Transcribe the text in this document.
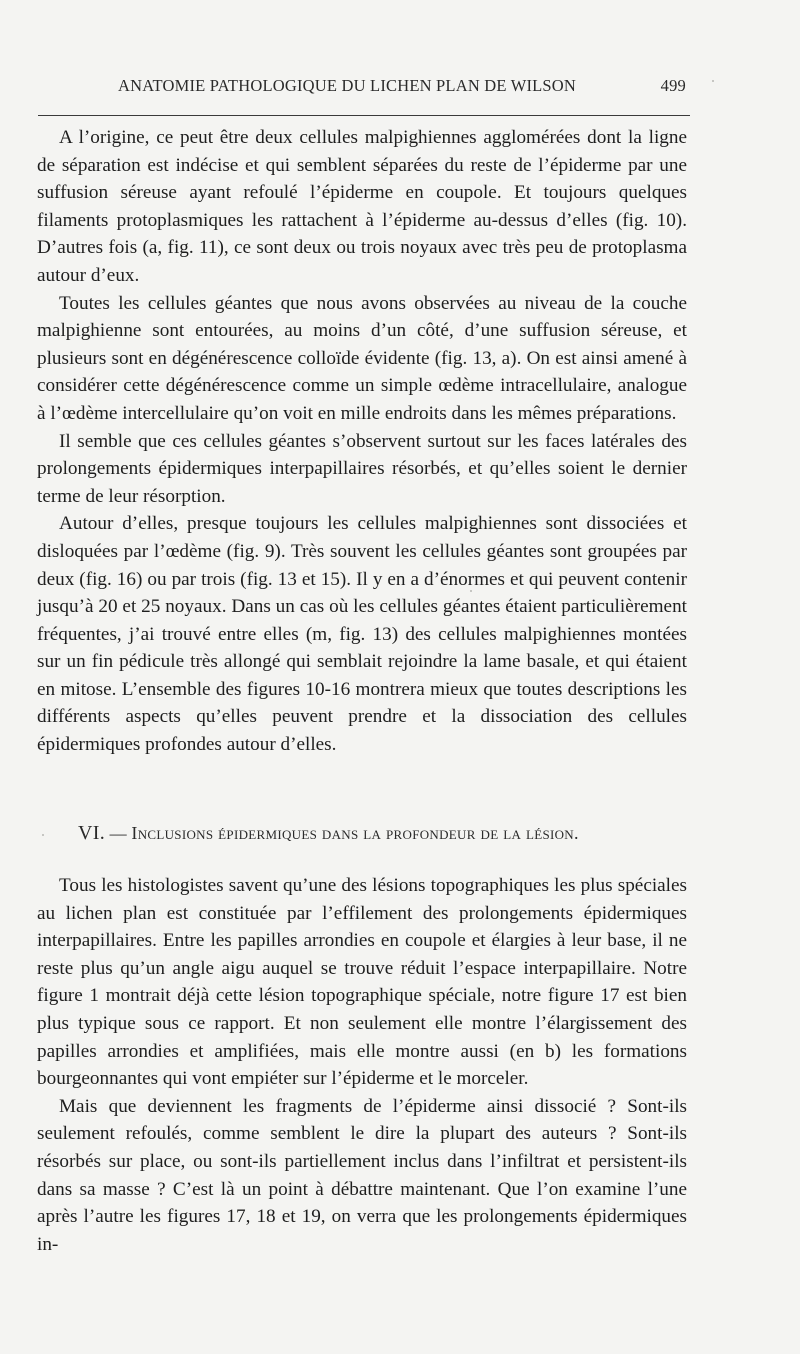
ANATOMIE PATHOLOGIQUE DU LICHEN PLAN DE WILSON	499

A l’origine, ce peut être deux cellules malpighiennes agglomérées dont la ligne de séparation est indécise et qui semblent séparées du reste de l’épiderme par une suffusion séreuse ayant refoulé l’épiderme en coupole. Et toujours quelques filaments protoplasmiques les rattachent à l’épiderme au-dessus d’elles (fig. 10). D’autres fois (a, fig. 11), ce sont deux ou trois noyaux avec très peu de protoplasma autour d’eux.

Toutes les cellules géantes que nous avons observées au niveau de la couche malpighienne sont entourées, au moins d’un côté, d’une suffusion séreuse, et plusieurs sont en dégénérescence colloïde évidente (fig. 13, a). On est ainsi amené à considérer cette dégénérescence comme un simple œdème intracellulaire, analogue à l’œdème intercellulaire qu’on voit en mille endroits dans les mêmes préparations.

Il semble que ces cellules géantes s’observent surtout sur les faces latérales des prolongements épidermiques interpapillaires résorbés, et qu’elles soient le dernier terme de leur résorption.

Autour d’elles, presque toujours les cellules malpighiennes sont dissociées et disloquées par l’œdème (fig. 9). Très souvent les cellules géantes sont groupées par deux (fig. 16) ou par trois (fig. 13 et 15). Il y en a d’énormes et qui peuvent contenir jusqu’à 20 et 25 noyaux. Dans un cas où les cellules géantes étaient particulièrement fréquentes, j’ai trouvé entre elles (m, fig. 13) des cellules malpighiennes montées sur un fin pédicule très allongé qui semblait rejoindre la lame basale, et qui étaient en mitose. L’ensemble des figures 10-16 montrera mieux que toutes descriptions les différents aspects qu’elles peuvent prendre et la dissociation des cellules épidermiques profondes autour d’elles.

VI. — Inclusions épidermiques dans la profondeur de la lésion.

Tous les histologistes savent qu’une des lésions topographiques les plus spéciales au lichen plan est constituée par l’effilement des prolongements épidermiques interpapillaires. Entre les papilles arrondies en coupole et élargies à leur base, il ne reste plus qu’un angle aigu auquel se trouve réduit l’espace interpapillaire. Notre figure 1 montrait déjà cette lésion topographique spéciale, notre figure 17 est bien plus typique sous ce rapport. Et non seulement elle montre l’élargissement des papilles arrondies et amplifiées, mais elle montre aussi (en b) les formations bourgeonnantes qui vont empiéter sur l’épiderme et le morceler.

Mais que deviennent les fragments de l’épiderme ainsi dissocié ? Sont-ils seulement refoulés, comme semblent le dire la plupart des auteurs ? Sont-ils résorbés sur place, ou sont-ils partiellement inclus dans l’infiltrat et persistent-ils dans sa masse ? C’est là un point à débattre maintenant. Que l’on examine l’une après l’autre les figures 17, 18 et 19, on verra que les prolongements épidermiques in-
